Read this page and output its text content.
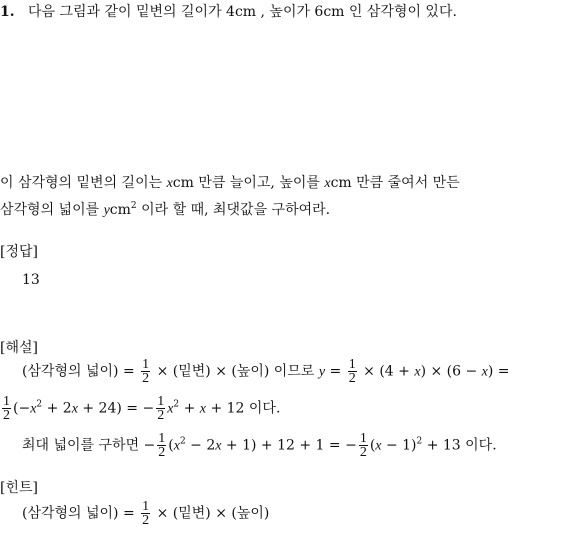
1.   다음 그림과 같이 밑변의 길이가 4cm , 높이가 6cm 인 삼각형이 있다.
이 삼각형의 밑변의 길이는 xcm 만큼 늘이고, 높이를 xcm 만큼 줄여서 만든
삼각형의 넓이를 ycm$^2$ 이라 할 때, 최댓값을 구하여라.
[정답]
13
[해설]
(삼각형의 넓이) = $\frac{1}{2}$ × (밑변) × (높이) 이므로 $y = \frac{1}{2} \times (4 + x) \times (6 - x)$ =
$\frac{1}{2} (-x^2 + 2x + 24)$ = − $\frac{1}{2} x^2 + x + 12$ 이다.
최대 넓이를 구하면 − $\frac{1}{2} (x^2 - 2x + 1) + 12 + 1$ = − $\frac{1}{2} (x - 1)^2 + 13$ 이다.
[힌트]
(삼각형의 넓이) = $\frac{1}{2}$ × (밑변) × (높이)
